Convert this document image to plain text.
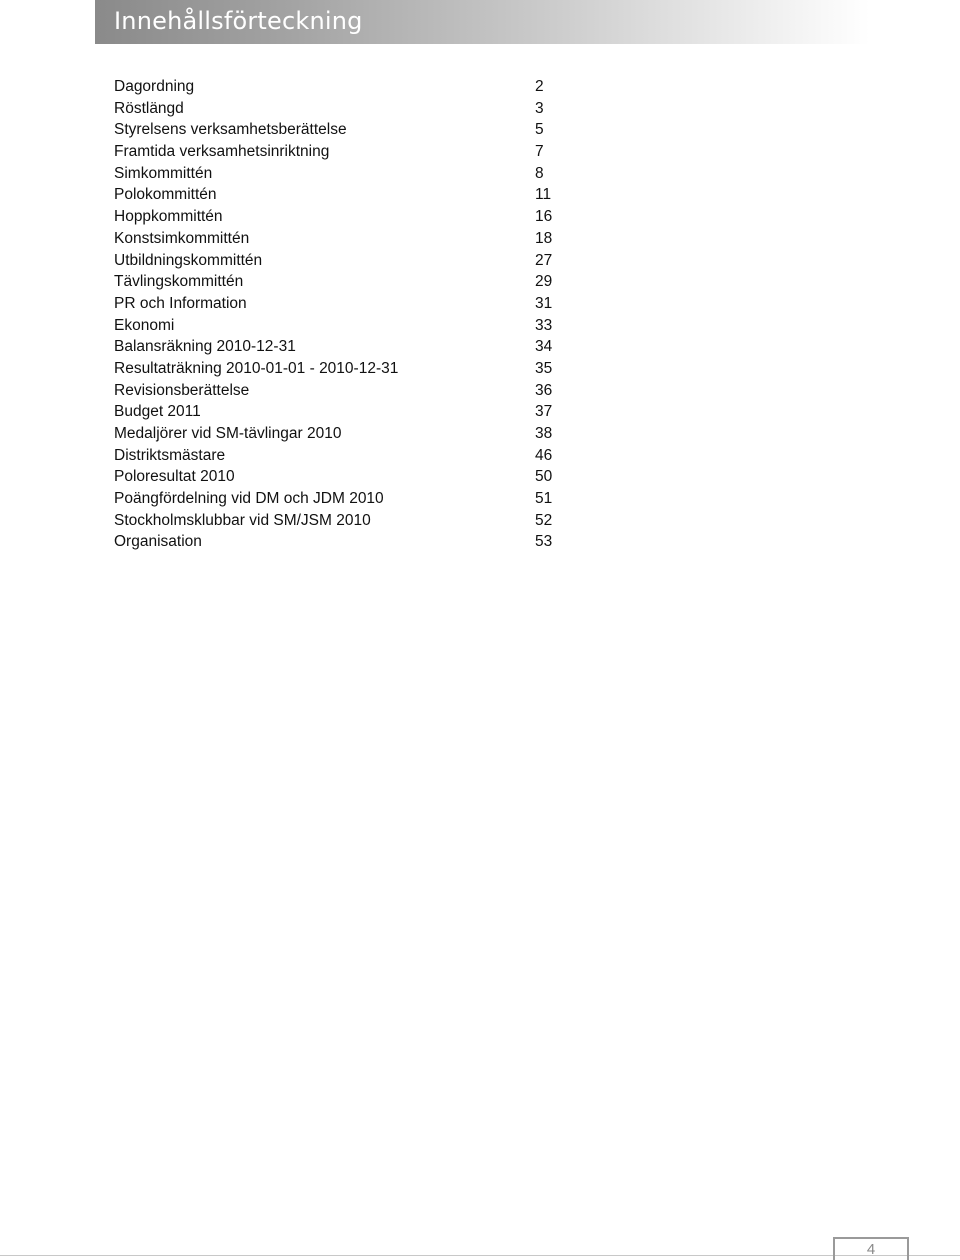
Innehållsförteckning
Dagordning	2
Röstlängd	3
Styrelsens verksamhetsberättelse	5
Framtida verksamhetsinriktning	7
Simkommittén	8
Polokommittén	11
Hoppkommittén	16
Konstsimkommittén	18
Utbildningskommittén	27
Tävlingskommittén	29
PR och Information	31
Ekonomi	33
Balansräkning 2010-12-31	34
Resultaträkning 2010-01-01 - 2010-12-31	35
Revisionsberättelse	36
Budget 2011	37
Medaljörer vid SM-tävlingar 2010	38
Distriktsmästare	46
Poloresultat 2010	50
Poängfördelning vid DM och JDM 2010	51
Stockholmsklubbar vid SM/JSM 2010	52
Organisation	53
4
